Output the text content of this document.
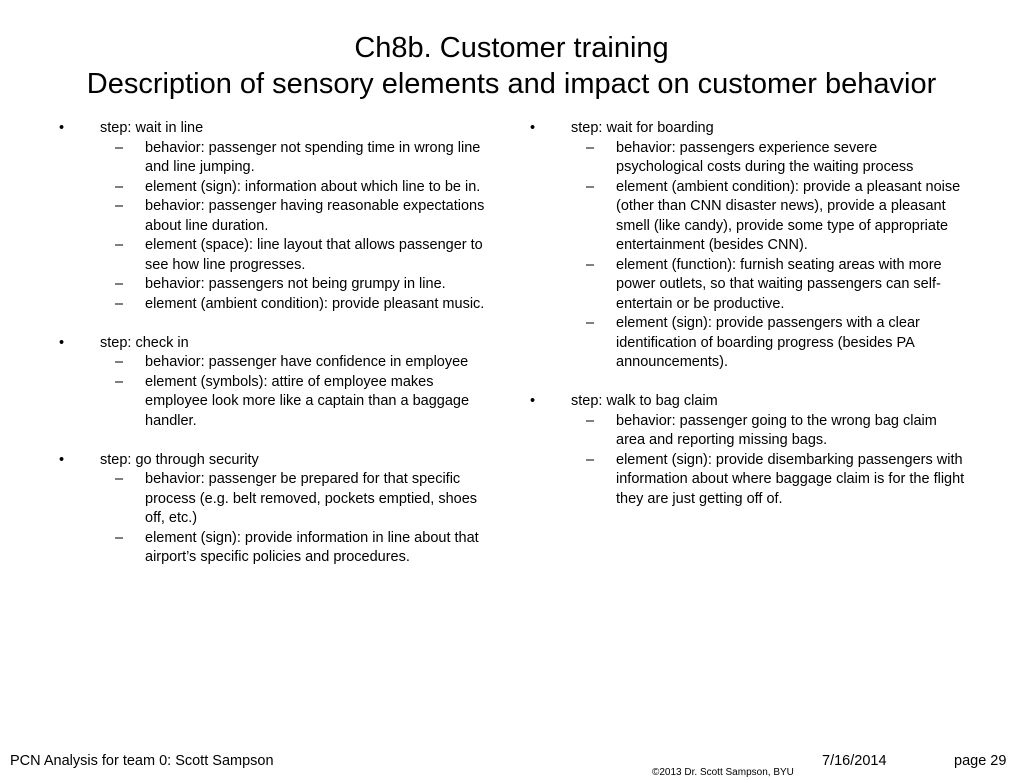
Ch8b. Customer training
Description of sensory elements and impact on customer behavior
• step: wait in line
– behavior: passenger not spending time in wrong line and line jumping.
– element (sign): information about which line to be in.
– behavior: passenger having reasonable expectations about line duration.
– element (space): line layout that allows passenger to see how line progresses.
– behavior: passengers not being grumpy in line.
– element (ambient condition): provide pleasant music.
• step: check in
– behavior: passenger have confidence in employee
– element (symbols): attire of employee makes employee look more like a captain than a baggage handler.
• step: go through security
– behavior: passenger be prepared for that specific process (e.g. belt removed, pockets emptied, shoes off, etc.)
– element (sign): provide information in line about that airport’s specific policies and procedures.
• step: wait for boarding
– behavior: passengers experience severe psychological costs during the waiting process
– element (ambient condition): provide a pleasant noise (other than CNN disaster news), provide a pleasant smell (like candy), provide some type of appropriate entertainment (besides CNN).
– element (function): furnish seating areas with more power outlets, so that waiting passengers can self-entertain or be productive.
– element (sign): provide passengers with a clear identification of boarding progress (besides PA announcements).
• step: walk to bag claim
– behavior: passenger going to the wrong bag claim area and reporting missing bags.
– element (sign): provide disembarking passengers with information about where baggage claim is for the flight they are just getting off of.
PCN Analysis for team 0: Scott Sampson
©2013 Dr. Scott Sampson, BYU
7/16/2014	page 29
